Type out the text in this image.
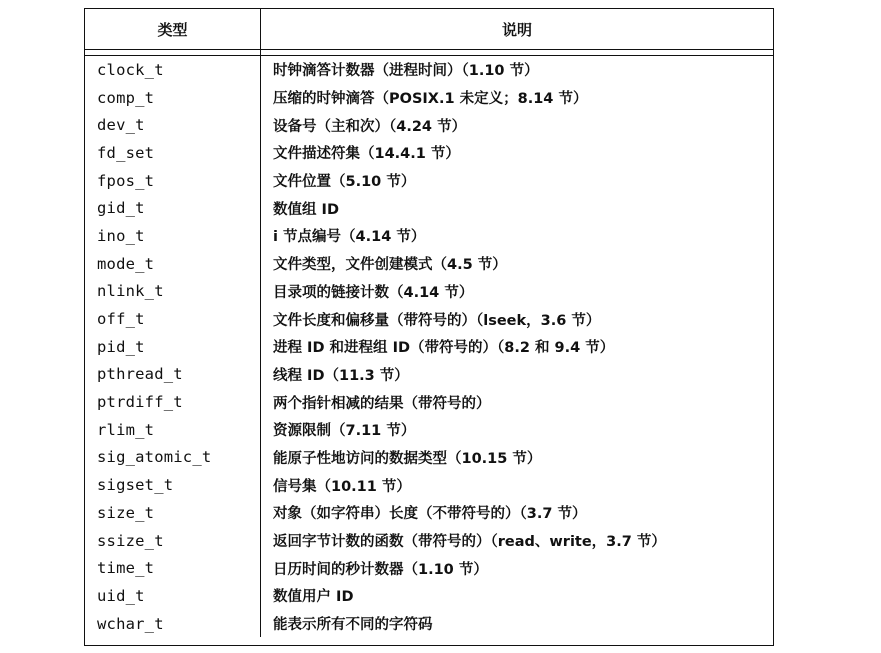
类型	说明
clock_t	时钟滴答计数器（进程时间）（1.10 节）
comp_t	压缩的时钟滴答（POSIX.1 未定义；8.14 节）
dev_t	设备号（主和次）（4.24 节）
fd_set	文件描述符集（14.4.1 节）
fpos_t	文件位置（5.10 节）
gid_t	数值组 ID
ino_t	i 节点编号（4.14 节）
mode_t	文件类型，文件创建模式（4.5 节）
nlink_t	目录项的链接计数（4.14 节）
off_t	文件长度和偏移量（带符号的）（lseek，3.6 节）
pid_t	进程 ID 和进程组 ID（带符号的）（8.2 和 9.4 节）
pthread_t	线程 ID（11.3 节）
ptrdiff_t	两个指针相减的结果（带符号的）
rlim_t	资源限制（7.11 节）
sig_atomic_t	能原子性地访问的数据类型（10.15 节）
sigset_t	信号集（10.11 节）
size_t	对象（如字符串）长度（不带符号的）（3.7 节）
ssize_t	返回字节计数的函数（带符号的）（read、write，3.7 节）
time_t	日历时间的秒计数器（1.10 节）
uid_t	数值用户 ID
wchar_t	能表示所有不同的字符码
